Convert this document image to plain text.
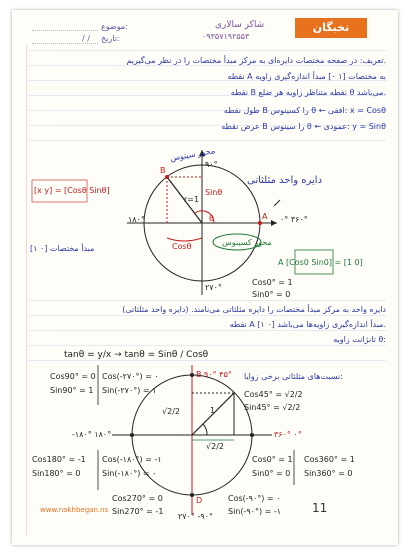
نخبگان
شاکر سالاری
۰۹۳۵۷۱۹۲۵۵۳
موضوع:
تاریخ:
/ /
تعریف: در صفحه مختصات دایره‌ای به مرکز مبدأ مختصات را در نظر می‌گیریم.
نقطه A به مختصات [۱ ۰] مبدأ اندازه‌گیری زاویه
نقطه B نقطه متناظر زاویه هر ضلع θ می‌باشد.
طول نقطه B را کسینوس θ ← افقی: x = Cosθ
عرض نقطه B را سینوس θ ← عمودی: y = Sinθ
محور سینوس
۹۰°
۱۸۰°
۲۷۰°
۰° ۳۶۰°
A
B
r=1
Cosθ
Sinθ
θ
محور کسینوس
دایره واحد مثلثاتی
[x y] = [Cosθ Sinθ]
[۱ ۰] مبدأ مختصات
A [Cos0 Sin0] = [1 0]
Cos0° = 1
Sin0° = 0
دایره واحد به مرکز مبدأ مختصات را دایره مثلثاتی می‌نامند. (دایره واحد مثلثاتی)
نقطه A [۱ ۰] مبدأ اندازه‌گیری زاویه‌ها می‌باشد.
تانژانت زاویه θ:
tanθ = y/x → tanθ = Sinθ / Cosθ
نسبت‌های مثلثاتی برخی زوایا:
Cos90° = 0
Sin90° = 1
Cos(-۲۷۰°) = ۰
Sin(-۲۷۰°) = ۱
B ۹۰° ۴۵°
Cos45° = √2/2
Sin45° = √2/2
۳۶۰° ۰°
-۱۸۰° ۱۸۰°
Cos180° = -1
Sin180° = 0
Cos(-۱۸۰°) = -۱
Sin(-۱۸۰°) = ۰
Cos0° = 1
Sin0° = 0
Cos360° = 1
Sin360° = 0
Cos270° = 0
Sin270° = -1
D
۲۷۰° -۹۰°
Cos(-۹۰°) = ۰
Sin(-۹۰°) = -۱
√2/2
√2/2
1
www.nokhbegan.ns	11
